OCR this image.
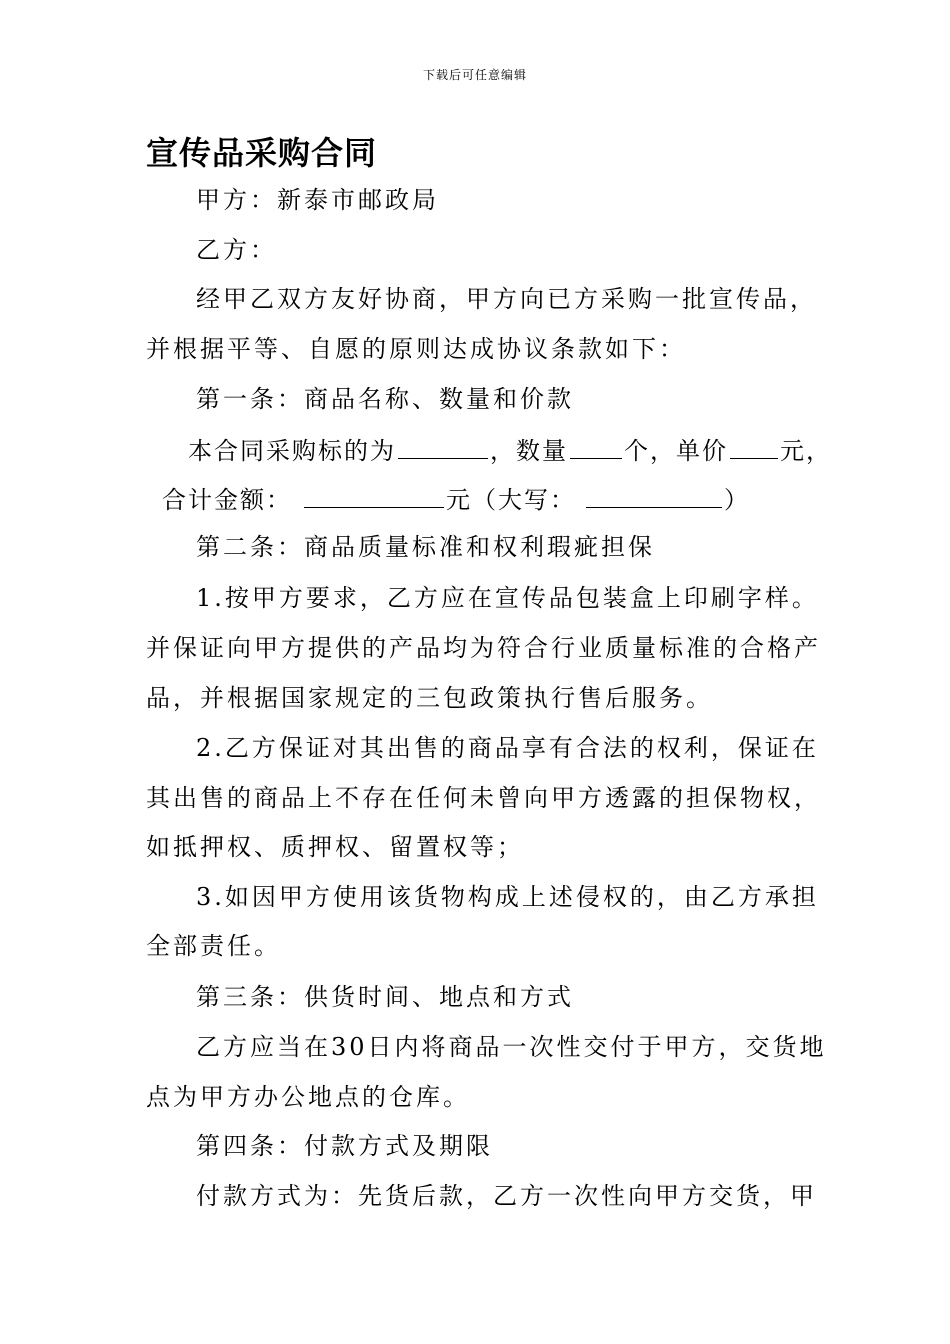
下载后可任意编辑
宣传品采购合同
甲方：新泰市邮政局
乙方：
经甲乙双方友好协商，甲方向已方采购一批宣传品，
并根据平等、自愿的原则达成协议条款如下：
第一条：商品名称、数量和价款
本合同采购标的为	，数量 个，单价 元，
合计金额：	元（大写：	）
第二条：商品质量标准和权利瑕疵担保
1.按甲方要求，乙方应在宣传品包装盒上印刷字样。
并保证向甲方提供的产品均为符合行业质量标准的合格产
品，并根据国家规定的三包政策执行售后服务。
2.乙方保证对其出售的商品享有合法的权利，保证在
其出售的商品上不存在任何未曾向甲方透露的担保物权，
如抵押权、质押权、留置权等；
3.如因甲方使用该货物构成上述侵权的，由乙方承担
全部责任。
第三条：供货时间、地点和方式
乙方应当在30日内将商品一次性交付于甲方，交货地
点为甲方办公地点的仓库。
第四条：付款方式及期限
付款方式为：先货后款，乙方一次性向甲方交货，甲
